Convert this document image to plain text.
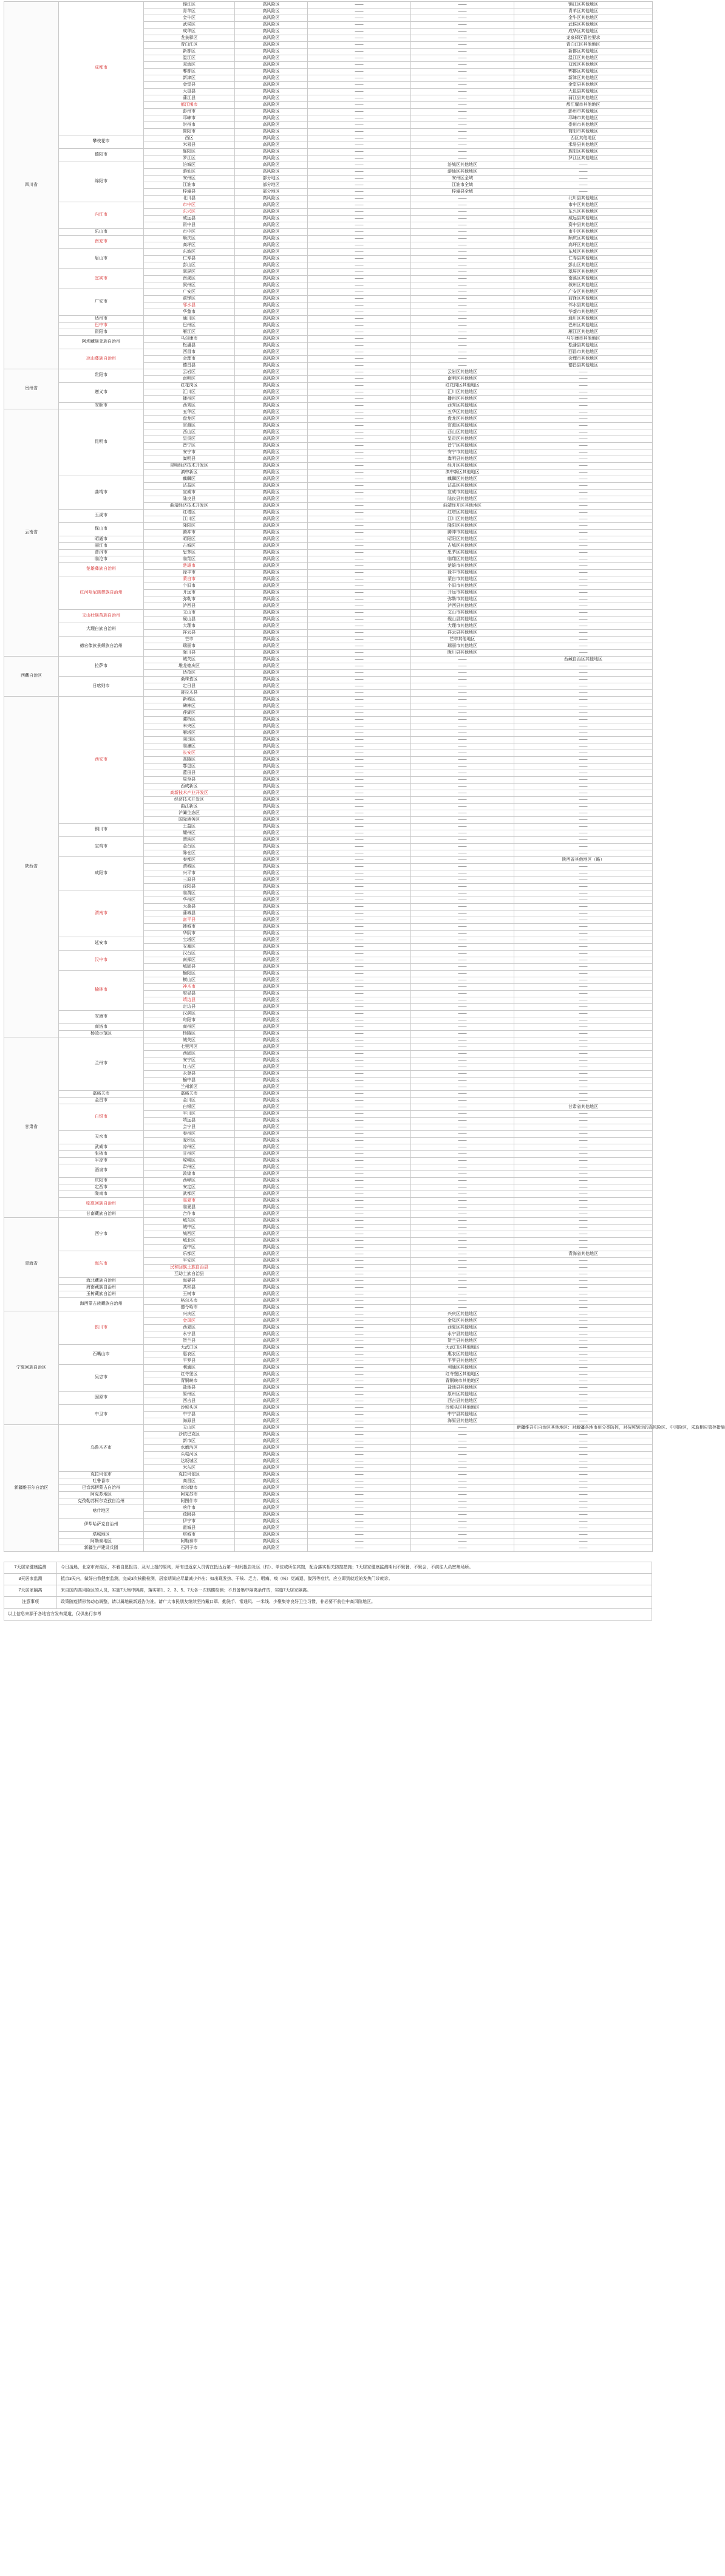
四川省	成都市	锦江区	高风险区	——	——	锦江区其他地区
		青羊区	高风险区	——	——	青羊区其他地区
		金牛区	高风险区	——	——	金牛区其他地区
		武侯区	高风险区	——	——	武侯区其他地区
		成华区	高风险区	——	——	成华区其他地区
		龙泉驿区	高风险区	——	——	龙泉驿区管控要求
		青白江区	高风险区	——	——	青白江区其他地区
		新都区	高风险区	——	——	新都区其他地区
		温江区	高风险区	——	——	温江区其他地区
		双流区	高风险区	——	——	双流区其他地区
		郫都区	高风险区	——	——	郫都区其他地区
		新津区	高风险区	——	——	新津区其他地区
		金堂县	高风险区	——	——	金堂县其他地区
		大邑县	高风险区	——	——	大邑县其他地区
		蒲江县	高风险区	——	——	蒲江县其他地区
		都江堰市	高风险区	——	——	都江堰市其他地区
		彭州市	高风险区	——	——	彭州市其他地区
		邛崃市	高风险区	——	——	邛崃市其他地区
		崇州市	高风险区	——	——	崇州市其他地区
		简阳市	高风险区	——	——	简阳市其他地区
	攀枝花市	西区	高风险区	——	——	西区其他地区
		米易县	高风险区	——	——	米易县其他地区
	德阳市	旌阳区	高风险区	——	——	旌阳区其他地区
		罗江区	高风险区	——	——	罗江区其他地区
	绵阳市	涪城区	高风险区	——	涪城区其他地区	——
		游仙区	高风险区	——	游仙区其他地区	——
		安州区	部分地区	——	安州区全域	——
		江油市	部分地区	——	江油市全域	——
		梓潼县	部分地区	——	梓潼县全域	——
		北川县	高风险区	——	——	北川县其他地区
	内江市	市中区	高风险区	——	——	市中区其他地区
		东兴区	高风险区	——	——	东兴区其他地区
		威远县	高风险区	——	——	威远县其他地区
		资中县	高风险区	——	——	资中县其他地区
	乐山市	市中区	高风险区	——	——	市中区其他地区
	南充市	顺庆区	高风险区	——	——	顺庆区其他地区
		高坪区	高风险区	——	——	高坪区其他地区
	眉山市	东坡区	高风险区	——	——	东坡区其他地区
		仁寿县	高风险区	——	——	仁寿县其他地区
		彭山区	高风险区	——	——	彭山区其他地区
	宜宾市	翠屏区	高风险区	——	——	翠屏区其他地区
		南溪区	高风险区	——	——	南溪区其他地区
		叙州区	高风险区	——	——	叙州区其他地区
	广安市	广安区	高风险区	——	——	广安区其他地区
		前锋区	高风险区	——	——	前锋区其他地区
		邻水县	高风险区	——	——	邻水县其他地区
		华蓥市	高风险区	——	——	华蓥市其他地区
	达州市	通川区	高风险区	——	——	通川区其他地区
	巴中市	巴州区	高风险区	——	——	巴州区其他地区
	资阳市	雁江区	高风险区	——	——	雁江区其他地区
	阿坝藏族羌族自治州	马尔康市	高风险区	——	——	马尔康市其他地区
		松潘县	高风险区	——	——	松潘县其他地区
	凉山彝族自治州	西昌市	高风险区	——	——	西昌市其他地区
		会理市	高风险区	——	——	会理市其他地区
		德昌县	高风险区	——	——	德昌县其他地区
贵州省	贵阳市	云岩区	高风险区	——	云岩区其他地区	——
		南明区	高风险区	——	南明区其他地区	——
	遵义市	红花岗区	高风险区	——	红花岗区其他地区	——
		汇川区	高风险区	——	汇川区其他地区	——
		播州区	高风险区	——	播州区其他地区	——
	安顺市	西秀区	高风险区	——	西秀区其他地区	——
云南省	昆明市	五华区	高风险区	——	五华区其他地区	——
		盘龙区	高风险区	——	盘龙区其他地区	——
		官渡区	高风险区	——	官渡区其他地区	——
		西山区	高风险区	——	西山区其他地区	——
		呈贡区	高风险区	——	呈贡区其他地区	——
		晋宁区	高风险区	——	晋宁区其他地区	——
		安宁市	高风险区	——	安宁市其他地区	——
		嵩明县	高风险区	——	嵩明县其他地区	——
		昆明经济技术开发区	高风险区	——	经开区其他地区	——
		滇中新区	高风险区	——	滇中新区其他地区	——
	曲靖市	麒麟区	高风险区	——	麒麟区其他地区	——
		沾益区	高风险区	——	沾益区其他地区	——
		宣威市	高风险区	——	宣威市其他地区	——
		陆良县	高风险区	——	陆良县其他地区	——
		曲靖经济技术开发区	高风险区	——	曲靖经开区其他地区	——
	玉溪市	红塔区	高风险区	——	红塔区其他地区	——
		江川区	高风险区	——	江川区其他地区	——
	保山市	隆阳区	高风险区	——	隆阳区其他地区	——
		腾冲市	高风险区	——	腾冲市其他地区	——
	昭通市	昭阳区	高风险区	——	昭阳区其他地区	——
	丽江市	古城区	高风险区	——	古城区其他地区	——
	普洱市	思茅区	高风险区	——	思茅区其他地区	——
	临沧市	临翔区	高风险区	——	临翔区其他地区	——
	楚雄彝族自治州	楚雄市	高风险区	——	楚雄市其他地区	——
		禄丰市	高风险区	——	禄丰市其他地区	——
	红河哈尼族彝族自治州	蒙自市	高风险区	——	蒙自市其他地区	——
		个旧市	高风险区	——	个旧市其他地区	——
		开远市	高风险区	——	开远市其他地区	——
		弥勒市	高风险区	——	弥勒市其他地区	——
		泸西县	高风险区	——	泸西县其他地区	——
	文山壮族苗族自治州	文山市	高风险区	——	文山市其他地区	——
		砚山县	高风险区	——	砚山县其他地区	——
	大理白族自治州	大理市	高风险区	——	大理市其他地区	——
		祥云县	高风险区	——	祥云县其他地区	——
	德宏傣族景颇族自治州	芒市	高风险区	——	芒市其他地区	——
		瑞丽市	高风险区	——	瑞丽市其他地区	——
		陇川县	高风险区	——	陇川县其他地区	——
西藏自治区	拉萨市	城关区	高风险区	——	——	西藏自治区其他地区
		堆龙德庆区	高风险区	——	——	——
		达孜区	高风险区	——	——	——
	日喀则市	桑珠孜区	高风险区	——	——	——
		定日县	高风险区	——	——	——
		聂拉木县	高风险区	——	——	——
陕西省	西安市	新城区	高风险区	——	——	——
		碑林区	高风险区	——	——	——
		莲湖区	高风险区	——	——	——
		灞桥区	高风险区	——	——	——
		未央区	高风险区	——	——	——
		雁塔区	高风险区	——	——	——
		阎良区	高风险区	——	——	——
		临潼区	高风险区	——	——	——
		长安区	高风险区	——	——	——
		高陵区	高风险区	——	——	——
		鄠邑区	高风险区	——	——	——
		蓝田县	高风险区	——	——	——
		周至县	高风险区	——	——	——
		西咸新区	高风险区	——	——	——
		高新技术产业开发区	高风险区	——	——	——
		经济技术开发区	高风险区	——	——	——
		曲江新区	高风险区	——	——	——
		浐灞生态区	高风险区	——	——	——
		国际港务区	高风险区	——	——	——
	铜川市	王益区	高风险区	——	——	——
		耀州区	高风险区	——	——	——
	宝鸡市	渭滨区	高风险区	——	——	——
		金台区	高风险区	——	——	——
		陈仓区	高风险区	——	——	——
	咸阳市	秦都区	高风险区	——	——	陕西省其他地区（略）
		渭城区	高风险区	——	——	——
		兴平市	高风险区	——	——	——
		三原县	高风险区	——	——	——
		泾阳县	高风险区	——	——	——
	渭南市	临渭区	高风险区	——	——	——
		华州区	高风险区	——	——	——
		大荔县	高风险区	——	——	——
		蒲城县	高风险区	——	——	——
		富平县	高风险区	——	——	——
		韩城市	高风险区	——	——	——
		华阴市	高风险区	——	——	——
	延安市	宝塔区	高风险区	——	——	——
		安塞区	高风险区	——	——	——
	汉中市	汉台区	高风险区	——	——	——
		南郑区	高风险区	——	——	——
		城固县	高风险区	——	——	——
	榆林市	榆阳区	高风险区	——	——	——
		横山区	高风险区	——	——	——
		神木市	高风险区	——	——	——
		府谷县	高风险区	——	——	——
		靖边县	高风险区	——	——	——
		定边县	高风险区	——	——	——
	安康市	汉滨区	高风险区	——	——	——
		旬阳市	高风险区	——	——	——
	商洛市	商州区	高风险区	——	——	——
	杨凌示范区	杨陵区	高风险区	——	——	——
甘肃省	兰州市	城关区	高风险区	——	——	——
		七里河区	高风险区	——	——	——
		西固区	高风险区	——	——	——
		安宁区	高风险区	——	——	——
		红古区	高风险区	——	——	——
		永登县	高风险区	——	——	——
		榆中县	高风险区	——	——	——
		兰州新区	高风险区	——	——	——
	嘉峪关市	嘉峪关市	高风险区	——	——	——
	金昌市	金川区	高风险区	——	——	——
	白银市	白银区	高风险区	——	——	甘肃省其他地区
		平川区	高风险区	——	——	——
		靖远县	高风险区	——	——	——
		会宁县	高风险区	——	——	——
	天水市	秦州区	高风险区	——	——	——
		麦积区	高风险区	——	——	——
	武威市	凉州区	高风险区	——	——	——
	张掖市	甘州区	高风险区	——	——	——
	平凉市	崆峒区	高风险区	——	——	——
	酒泉市	肃州区	高风险区	——	——	——
		敦煌市	高风险区	——	——	——
	庆阳市	西峰区	高风险区	——	——	——
	定西市	安定区	高风险区	——	——	——
	陇南市	武都区	高风险区	——	——	——
	临夏回族自治州	临夏市	高风险区	——	——	——
		临夏县	高风险区	——	——	——
	甘南藏族自治州	合作市	高风险区	——	——	——
青海省	西宁市	城东区	高风险区	——	——	——
		城中区	高风险区	——	——	——
		城西区	高风险区	——	——	——
		城北区	高风险区	——	——	——
		湟中区	高风险区	——	——	——
	海东市	乐都区	高风险区	——	——	青海省其他地区
		平安区	高风险区	——	——	——
		民和回族土族自治县	高风险区	——	——	——
		互助土族自治县	高风险区	——	——	——
	海北藏族自治州	海晏县	高风险区	——	——	——
	海南藏族自治州	共和县	高风险区	——	——	——
	玉树藏族自治州	玉树市	高风险区	——	——	——
	海西蒙古族藏族自治州	格尔木市	高风险区	——	——	——
		德令哈市	高风险区	——	——	——
宁夏回族自治区	银川市	兴庆区	高风险区	——	兴庆区其他地区	——
		金凤区	高风险区	——	金凤区其他地区	——
		西夏区	高风险区	——	西夏区其他地区	——
		永宁县	高风险区	——	永宁县其他地区	——
		贺兰县	高风险区	——	贺兰县其他地区	——
	石嘴山市	大武口区	高风险区	——	大武口区其他地区	——
		惠农区	高风险区	——	惠农区其他地区	——
		平罗县	高风险区	——	平罗县其他地区	——
	吴忠市	利通区	高风险区	——	利通区其他地区	——
		红寺堡区	高风险区	——	红寺堡区其他地区	——
		青铜峡市	高风险区	——	青铜峡市其他地区	——
		盐池县	高风险区	——	盐池县其他地区	——
	固原市	原州区	高风险区	——	原州区其他地区	——
		西吉县	高风险区	——	西吉县其他地区	——
	中卫市	沙坡头区	高风险区	——	沙坡头区其他地区	——
		中宁县	高风险区	——	中宁县其他地区	——
		海原县	高风险区	——	海原县其他地区	——
新疆维吾尔自治区	乌鲁木齐市	天山区	高风险区	——	——	新疆维吾尔自治区其他地区：对新疆各地市州分类防控，对按照划定的高风险区、中风险区，采取相应管控措施
		沙依巴克区	高风险区	——	——	——
		新市区	高风险区	——	——	——
		水磨沟区	高风险区	——	——	——
		头屯河区	高风险区	——	——	——
		达坂城区	高风险区	——	——	——
		米东区	高风险区	——	——	——
	克拉玛依市	克拉玛依区	高风险区	——	——	——
	吐鲁番市	高昌区	高风险区	——	——	——
	巴音郭楞蒙古自治州	库尔勒市	高风险区	——	——	——
	阿克苏地区	阿克苏市	高风险区	——	——	——
	克孜勒苏柯尔克孜自治州	阿图什市	高风险区	——	——	——
	喀什地区	喀什市	高风险区	——	——	——
		疏附县	高风险区	——	——	——
	伊犁哈萨克自治州	伊宁市	高风险区	——	——	——
		霍城县	高风险区	——	——	——
	塔城地区	塔城市	高风险区	——	——	——
	阿勒泰地区	阿勒泰市	高风险区	——	——	——
	新疆生产建设兵团	石河子市	高风险区	——	——	——
7天居家健康监测	今日凌晨，北京市海淀区，本着自愿报告、及时上报的原则，所有进返京人员需在抵达后第一时间报告社区（村）、单位或所住宾馆，配合落实相关防控措施；7天居家健康监测期间不聚餐、不聚会，不前往人员密集场所。
3天居家监测	抵京3天内，做好自我健康监测，完成3次核酸检测，居家期间应尽量减少外出；如出现发热、干咳、乏力、咽痛、嗅（味）觉减退、腹泻等症状，应立即到就近的发热门诊就诊。
7天居家隔离	来自国内高风险区的人员，实施7天集中隔离，落实第1、2、3、5、7天各一次核酸检测；不具备集中隔离条件的，实施7天居家隔离。
注意事项	政策随疫情形势动态调整，请以属地最新通告为准。请广大市民朋友继续坚持戴口罩、勤洗手、常通风、一米线、少聚集等良好卫生习惯，非必要不前往中高风险地区。
以上信息来源于各地官方发布渠道，仅供出行参考	
